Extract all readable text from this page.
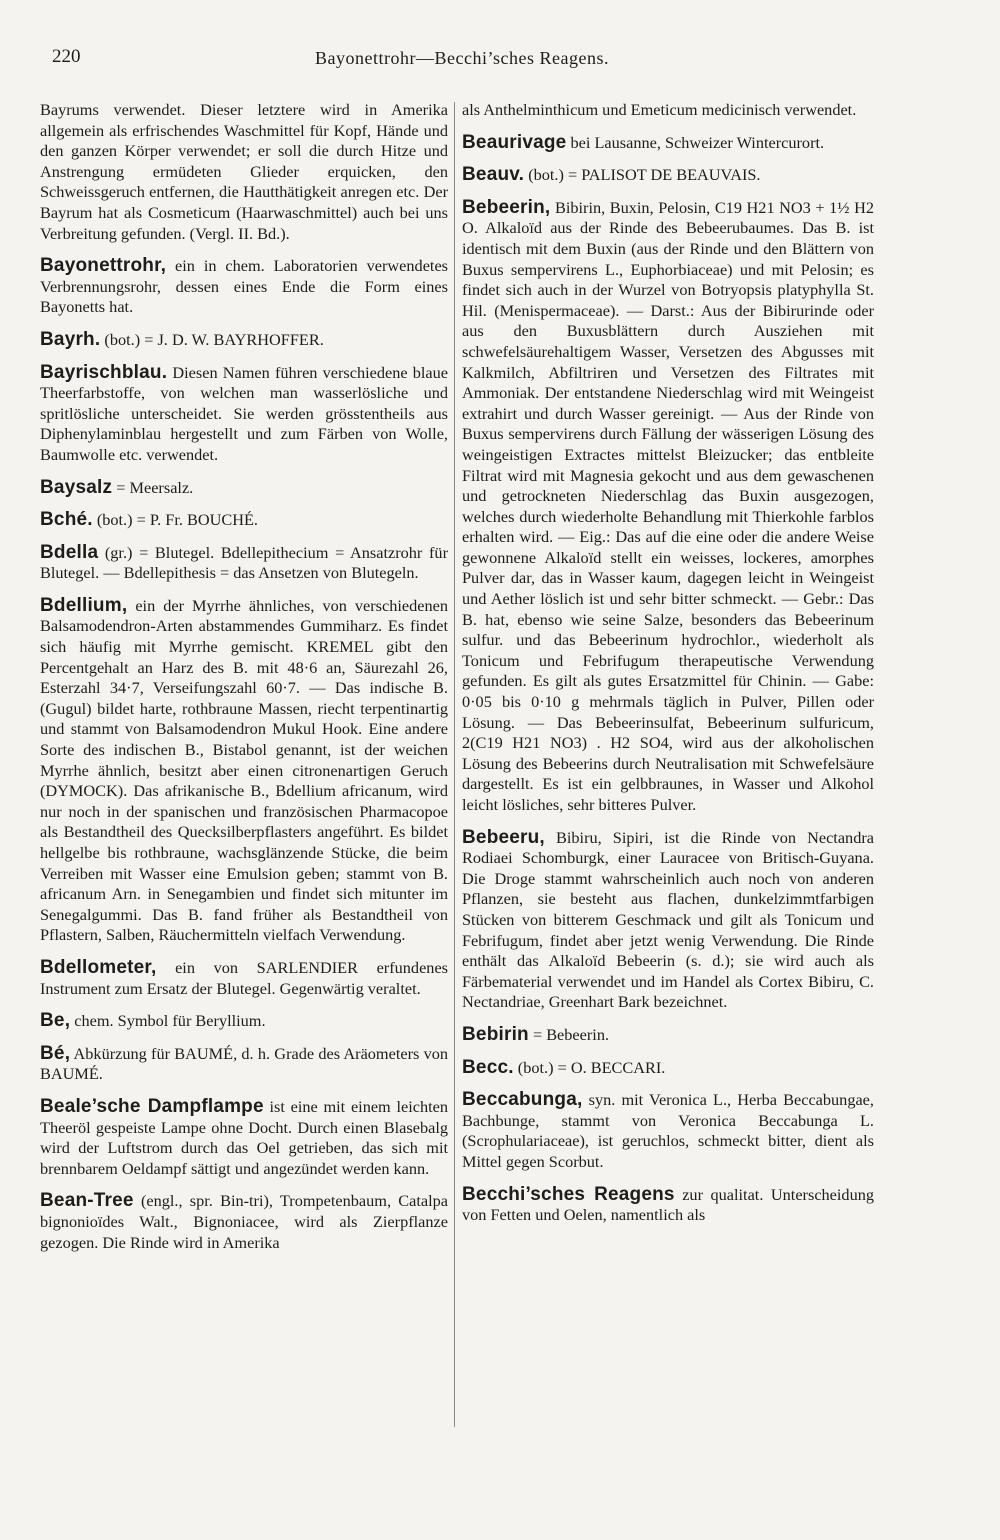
220	Bayonettrohr—Becchi’sches Reagens.

Bayrums verwendet. Dieser letztere wird in Amerika allgemein als erfrischendes Waschmittel für Kopf, Hände und den ganzen Körper verwendet; er soll die durch Hitze und Anstrengung ermüdeten Glieder erquicken, den Schweissgeruch entfernen, die Hautthätigkeit anregen etc. Der Bayrum hat als Cosmeticum (Haarwaschmittel) auch bei uns Verbreitung gefunden. (Vergl. II. Bd.).

Bayonettrohr, ein in chem. Laboratorien verwendetes Verbrennungsrohr, dessen eines Ende die Form eines Bayonetts hat.

Bayrh. (bot.) = J. D. W. BAYRHOFFER.

Bayrischblau. Diesen Namen führen verschiedene blaue Theerfarbstoffe, von welchen man wasserlösliche und spritlösliche unterscheidet. Sie werden grösstentheils aus Diphenylaminblau hergestellt und zum Färben von Wolle, Baumwolle etc. verwendet.

Baysalz = Meersalz.

Bché. (bot.) = P. Fr. BOUCHÉ.

Bdella (gr.) = Blutegel. Bdellepithecium = Ansatzrohr für Blutegel. — Bdellepithesis = das Ansetzen von Blutegeln.

Bdellium, ein der Myrrhe ähnliches, von verschiedenen Balsamodendron-Arten abstammendes Gummiharz. Es findet sich häufig mit Myrrhe gemischt. KREMEL gibt den Percentgehalt an Harz des B. mit 48·6 an, Säurezahl 26, Esterzahl 34·7, Verseifungszahl 60·7. — Das indische B. (Gugul) bildet harte, rothbraune Massen, riecht terpentinartig und stammt von Balsamodendron Mukul Hook. Eine andere Sorte des indischen B., Bistabol genannt, ist der weichen Myrrhe ähnlich, besitzt aber einen citronenartigen Geruch (DYMOCK). Das afrikanische B., Bdellium africanum, wird nur noch in der spanischen und französischen Pharmacopoe als Bestandtheil des Quecksilberpflasters angeführt. Es bildet hellgelbe bis rothbraune, wachsglänzende Stücke, die beim Verreiben mit Wasser eine Emulsion geben; stammt von B. africanum Arn. in Senegambien und findet sich mitunter im Senegalgummi. Das B. fand früher als Bestandtheil von Pflastern, Salben, Räuchermitteln vielfach Verwendung.

Bdellometer, ein von SARLENDIER erfundenes Instrument zum Ersatz der Blutegel. Gegenwärtig veraltet.

Be, chem. Symbol für Beryllium.

Bé, Abkürzung für BAUMÉ, d. h. Grade des Aräometers von BAUMÉ.

Beale’sche Dampflampe ist eine mit einem leichten Theeröl gespeiste Lampe ohne Docht. Durch einen Blasebalg wird der Luftstrom durch das Oel getrieben, das sich mit brennbarem Oeldampf sättigt und angezündet werden kann.

Bean-Tree (engl., spr. Bin-tri), Trompetenbaum, Catalpa bignonioïdes Walt., Bignoniacee, wird als Zierpflanze gezogen. Die Rinde wird in Amerika

als Anthelminthicum und Emeticum medicinisch verwendet.

Beaurivage bei Lausanne, Schweizer Wintercurort.

Beauv. (bot.) = PALISOT DE BEAUVAIS.

Bebeerin, Bibirin, Buxin, Pelosin, C19 H21 NO3 + 1½ H2 O. Alkaloïd aus der Rinde des Bebeerubaumes. Das B. ist identisch mit dem Buxin (aus der Rinde und den Blättern von Buxus sempervirens L., Euphorbiaceae) und mit Pelosin; es findet sich auch in der Wurzel von Botryopsis platyphylla St. Hil. (Menispermaceae). — Darst.: Aus der Bibirurinde oder aus den Buxusblättern durch Ausziehen mit schwefelsäurehaltigem Wasser, Versetzen des Abgusses mit Kalkmilch, Abfiltriren und Versetzen des Filtrates mit Ammoniak. Der entstandene Niederschlag wird mit Weingeist extrahirt und durch Wasser gereinigt. — Aus der Rinde von Buxus sempervirens durch Fällung der wässerigen Lösung des weingeistigen Extractes mittelst Bleizucker; das entbleite Filtrat wird mit Magnesia gekocht und aus dem gewaschenen und getrockneten Niederschlag das Buxin ausgezogen, welches durch wiederholte Behandlung mit Thierkohle farblos erhalten wird. — Eig.: Das auf die eine oder die andere Weise gewonnene Alkaloïd stellt ein weisses, lockeres, amorphes Pulver dar, das in Wasser kaum, dagegen leicht in Weingeist und Aether löslich ist und sehr bitter schmeckt. — Gebr.: Das B. hat, ebenso wie seine Salze, besonders das Bebeerinum sulfur. und das Bebeerinum hydrochlor., wiederholt als Tonicum und Febrifugum therapeutische Verwendung gefunden. Es gilt als gutes Ersatzmittel für Chinin. — Gabe: 0·05 bis 0·10 g mehrmals täglich in Pulver, Pillen oder Lösung. — Das Bebeerinsulfat, Bebeerinum sulfuricum, 2(C19 H21 NO3) . H2 SO4, wird aus der alkoholischen Lösung des Bebeerins durch Neutralisation mit Schwefelsäure dargestellt. Es ist ein gelbbraunes, in Wasser und Alkohol leicht lösliches, sehr bitteres Pulver.

Bebeeru, Bibiru, Sipiri, ist die Rinde von Nectandra Rodiaei Schomburgk, einer Lauracee von Britisch-Guyana. Die Droge stammt wahrscheinlich auch noch von anderen Pflanzen, sie besteht aus flachen, dunkelzimmtfarbigen Stücken von bitterem Geschmack und gilt als Tonicum und Febrifugum, findet aber jetzt wenig Verwendung. Die Rinde enthält das Alkaloïd Bebeerin (s. d.); sie wird auch als Färbematerial verwendet und im Handel als Cortex Bibiru, C. Nectandriae, Greenhart Bark bezeichnet.

Bebirin = Bebeerin.

Becc. (bot.) = O. BECCARI.

Beccabunga, syn. mit Veronica L., Herba Beccabungae, Bachbunge, stammt von Veronica Beccabunga L. (Scrophulariaceae), ist geruchlos, schmeckt bitter, dient als Mittel gegen Scorbut.

Becchi’sches Reagens zur qualitat. Unterscheidung von Fetten und Oelen, namentlich als
